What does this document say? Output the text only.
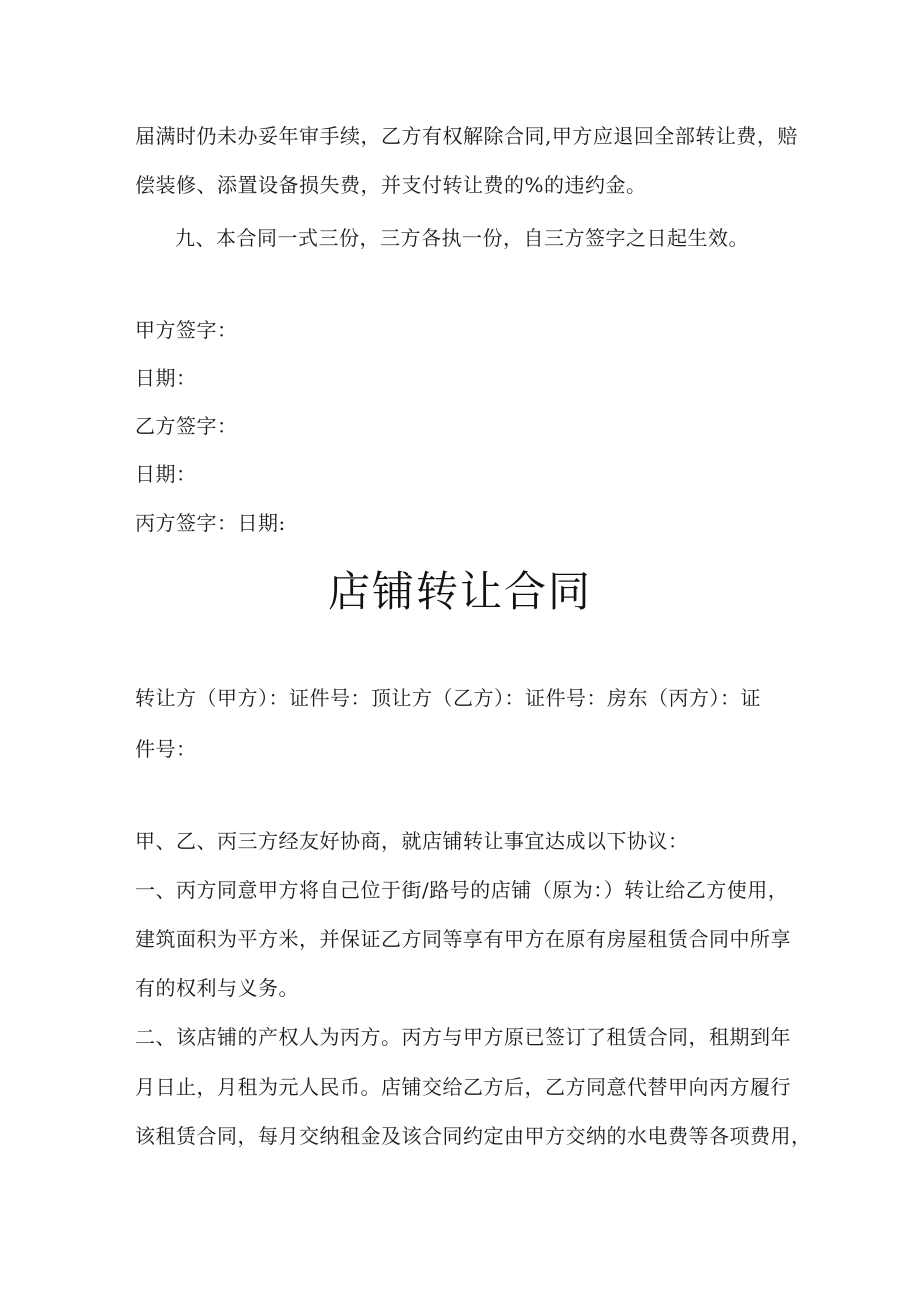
届满时仍未办妥年审手续，乙方有权解除合同,甲方应退回全部转让费，赔
偿装修、添置设备损失费，并支付转让费的%的违约金。
九、本合同一式三份，三方各执一份，自三方签字之日起生效。
甲方签字：
日期：
乙方签字：
日期：
丙方签字：日期:
店铺转让合同
转让方（甲方）：证件号：顶让方（乙方）：证件号：房东（丙方）：证
件号：
甲、乙、丙三方经友好协商，就店铺转让事宜达成以下协议：
一、丙方同意甲方将自己位于街/路号的店铺（原为：）转让给乙方使用，
建筑面积为平方米，并保证乙方同等享有甲方在原有房屋租赁合同中所享
有的权利与义务。
二、该店铺的产权人为丙方。丙方与甲方原已签订了租赁合同，租期到年
月日止，月租为元人民币。店铺交给乙方后，乙方同意代替甲向丙方履行
该租赁合同，每月交纳租金及该合同约定由甲方交纳的水电费等各项费用，
